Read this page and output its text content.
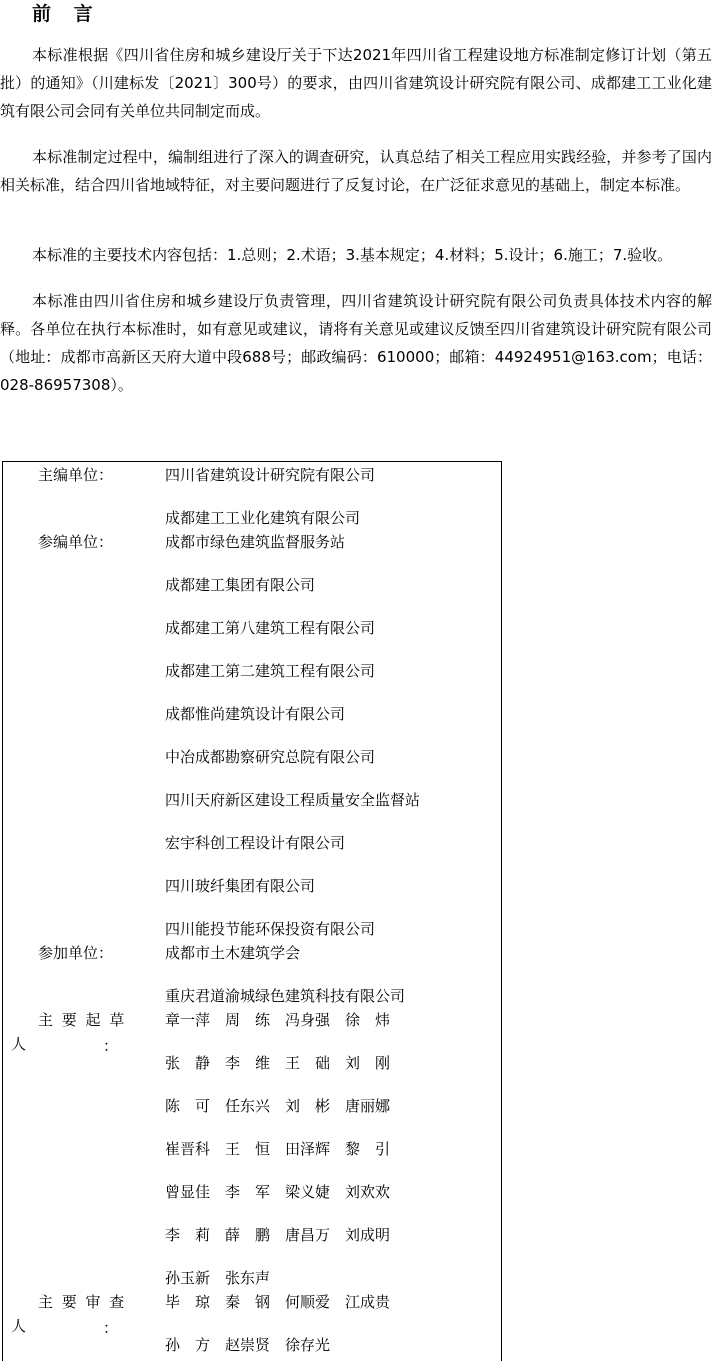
前 言

本标准根据《四川省住房和城乡建设厅关于下达2021年四川省工程建设地方标准制定修订计划（第五批）的通知》（川建标发〔2021〕300号）的要求，由四川省建筑设计研究院有限公司、成都建工工业化建筑有限公司会同有关单位共同制定而成。

本标准制定过程中，编制组进行了深入的调查研究，认真总结了相关工程应用实践经验，并参考了国内相关标准，结合四川省地域特征，对主要问题进行了反复讨论，在广泛征求意见的基础上，制定本标准。

本标准的主要技术内容包括：1.总则；2.术语；3.基本规定；4.材料；5.设计；6.施工；7.验收。

本标准由四川省住房和城乡建设厅负责管理，四川省建筑设计研究院有限公司负责具体技术内容的解释。各单位在执行本标准时，如有意见或建议，请将有关意见或建议反馈至四川省建筑设计研究院有限公司（地址：成都市高新区天府大道中段688号；邮政编码：610000；邮箱：44924951@163.com；电话：028-86957308）。

主编单位：
参编单位：
参加单位：
主 要 起 草
人	：
主 要 审 查
人	：
四川省建筑设计研究院有限公司
成都建工工业化建筑有限公司
成都市绿色建筑监督服务站
成都建工集团有限公司
成都建工第八建筑工程有限公司
成都建工第二建筑工程有限公司
成都惟尚建筑设计有限公司
中冶成都勘察研究总院有限公司
四川天府新区建设工程质量安全监督站
宏宇科创工程设计有限公司
四川玻纤集团有限公司
四川能投节能环保投资有限公司
成都市土木建筑学会
重庆君道渝城绿色建筑科技有限公司
章一萍　周　练　冯身强　徐　炜
张　静　李　维　王　础　刘　刚
陈　可　任东兴　刘　彬　唐丽娜
崔晋科　王　恒　田泽辉　黎　引
曾显佳　李　军　梁义婕　刘欢欢
李　莉　薛　鹏　唐昌万　刘成明
孙玉新　张东声
毕　琼　秦　钢　何顺爱　江成贵
孙　方　赵崇贤　徐存光
